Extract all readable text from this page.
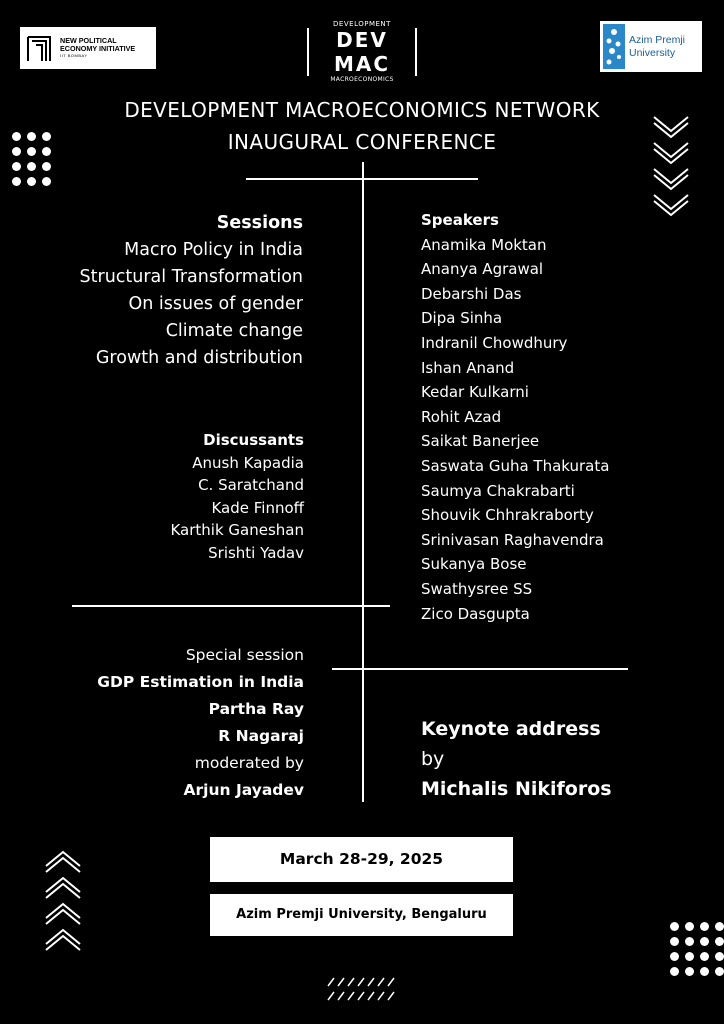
NEW POLITICAL
ECONOMY INITIATIVE
IIT BOMBAY
DEVELOPMENT
DEV MAC
MACROECONOMICS
Azim Premji
University
DEVELOPMENT MACROECONOMICS NETWORK
INAUGURAL CONFERENCE
Sessions
Macro Policy in India
Structural Transformation
On issues of gender
Climate change
Growth and distribution
Discussants
Anush Kapadia
C. Saratchand
Kade Finnoff
Karthik Ganeshan
Srishti Yadav
Speakers
Anamika Moktan
Ananya Agrawal
Debarshi Das
Dipa Sinha
Indranil Chowdhury
Ishan Anand
Kedar Kulkarni
Rohit Azad
Saikat Banerjee
Saswata Guha Thakurata
Saumya Chakrabarti
Shouvik Chhrakraborty
Srinivasan Raghavendra
Sukanya Bose
Swathysree SS
Zico Dasgupta
Special session
GDP Estimation in India
Partha Ray
R Nagaraj
moderated by
Arjun Jayadev
Keynote address
by
Michalis Nikiforos
March 28-29, 2025
Azim Premji University, Bengaluru
